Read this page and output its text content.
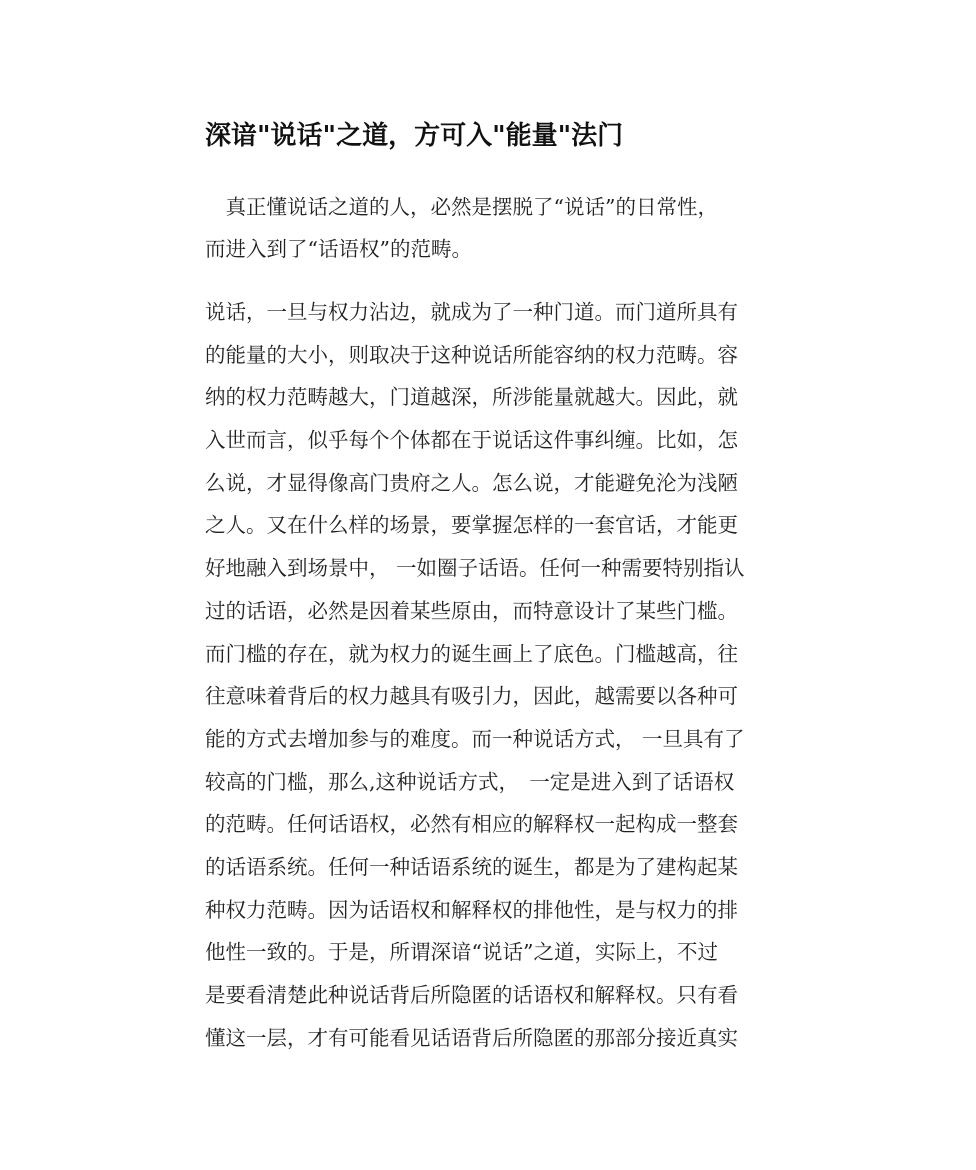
深谙"说话"之道，方可入"能量"法门
　真正懂说话之道的人，必然是摆脱了“说话”的日常性，
而进入到了“话语权”的范畴。
说话，一旦与权力沾边，就成为了一种门道。而门道所具有
的能量的大小，则取决于这种说话所能容纳的权力范畴。容
纳的权力范畴越大，门道越深，所涉能量就越大。因此，就
入世而言，似乎每个个体都在于说话这件事纠缠。比如，怎
么说，才显得像高门贵府之人。怎么说，才能避免沦为浅陋
之人。又在什么样的场景，要掌握怎样的一套官话，才能更
好地融入到场景中， 一如圈子话语。任何一种需要特别指认
过的话语，必然是因着某些原由，而特意设计了某些门槛。
而门槛的存在，就为权力的诞生画上了底色。门槛越高，往
往意味着背后的权力越具有吸引力，因此，越需要以各种可
能的方式去增加参与的难度。而一种说话方式， 一旦具有了
较高的门槛，那么,这种说话方式，　一定是进入到了话语权
的范畴。任何话语权，必然有相应的解释权一起构成一整套
的话语系统。任何一种话语系统的诞生，都是为了建构起某
种权力范畴。因为话语权和解释权的排他性，是与权力的排
他性一致的。于是，所谓深谙“说话”之道，实际上，不过
是要看清楚此种说话背后所隐匿的话语权和解释权。只有看
懂这一层，才有可能看见话语背后所隐匿的那部分接近真实
